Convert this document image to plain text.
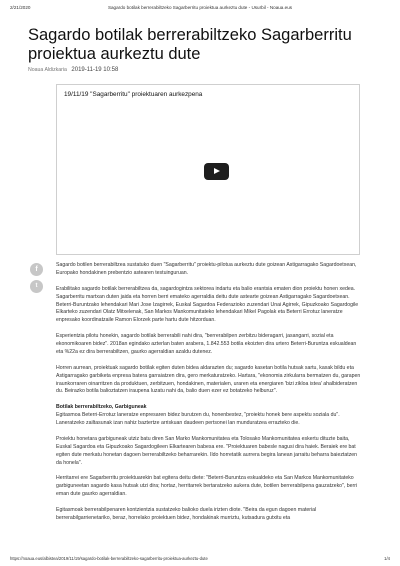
2/21/2020	Sagardo botilak berrerabiltzeko Sagarberritu proiektua aurkeztu dute - Usurbil - Noaua.eus
Sagardo botilak berrerabiltzeko Sagarberritu proiektua aurkeztu dute
Noaua Aldizkaria 2019-11-19 10:58
19/11/19 "Sagarberritu" proiektuaren aurkezpena
f
t

Sagardo botilen berrerabiltzea sustatuko duen "Sagarberritu" proiektu-pilotua aurkeztu dute goizean Astigarragako Sagardoetxean, Europako hondakinen prebentzio astearen testuinguruan.

Erabilitako sagardo botilak berrerabiltzea da, sagardogintza sektorea indartu eta balio erantsia ematen dion proiektu honen xedea. Sagarberritu martxan duten jaida eta horren berri emateko agerraldia deitu dute asteartе goizean Astigarragako Sagardoetxean. Beterri-Buruntzako lehendakari Mari Jose Izagirrek, Euskal Sagardoa Federazioko zuzendari Unai Agirrek, Gipuzkoako Sagardogile Elkarteko zuzendari Olatz Mitxelenak, San Markos Mankomunitateko lehendakari Mikel Pagolak eta Beterri Errotuz laneratze enpresako koordinatzaile Ramon Elorzek parte hartu dute hitzorduan.

Esperientzia pilotu honekin, sagardo botilak berrerabili nahi dira, "berrerabilpen zerbitzu bideragarri, jasangarri, sozial eta ekonomikoaren bidez". 2018an egindako azterlan baten arabera, 1.842.553 botila ekoizten dira urtero Beterri-Buruntza eskualdean eta %22a ez dira berrerabiltzen, gaurko agerraldian azaldu dutenez.

Horren aurrean, proiektuak sagardo botilak egiten duten bidea aldarazten du; sagardo kasetan botila hutsak sartu, kaxak bildu eta Astigarragako garbiketa enpresa batera garraiatzen dira, gero merkaturatzeko. Hartara, "ekonomia zirkularra bermatzen du, garapen iraunkorraren oinarritzen da produktuen, zerbitzuen, hondakinen, materialen, uraren eta energiaren 'bizi zikloa istea' ahalbideratzen du. Beirazko botila balioztatzen iraupena luzatu nahi da, balio duen ezer ez botatzeko helburuz".

Botilak berrerabiltzeko, Garbiguneak

Egitasmoa Beterri-Errotuz laneratze enpresaren bidez burutzen du, honenbestez, "proiektu honek bere aspektu soziala du". Laneratzeko zailtasunak izan nahiz baztertze arriskuan daudeen pertsonei lan munduratzea errazteko die.

Proiektu honetara garbiguneak utziz batu diren San Marko Mankomunitatea eta Tolosako Mankomunitatea eskertu dituzte baita, Euskal Sagardoa eta Gipuzkoako Sagardogileen Elkartearen babesa ere. "Proiektuaren babesle nagusi dira haiek. Beraiek ere bat egiten dute merkatu honetan dagoen berrerabiltzeko beharrarekin. Ildo horretatik aurrera begira lanean jarraitu beharra baieztatzen da honela".

Herritarrei ere Sagarberritu proiektuarekin bat egitera deitu diete: "Beterri-Buruntza eskualdeko eta San Markos Mankomunitateko garbiguneetan sagardo kasa hutsak utzi dira; hortaz, herritarrek bertaratzeko aukera dute, botilen berrerabilpena gauzatzeko", berri eman dute gaurko agerraldian.

Egitasmoak berrerabilpenaren kontzientzia sustatzeko balioko duela irizten diote. "Beira da egun dagoen material berrerabilgarrienetariko, beraz, horrelako proiektuen bidez, hondakinak murriztu, kutsadura gutxitu eta

https://noaua.eus/albistea/2019/11/19/sagardo-botilak-berrerabiltzeko-sagarberritu-proiektua-aurkeztu-dute	1/4
